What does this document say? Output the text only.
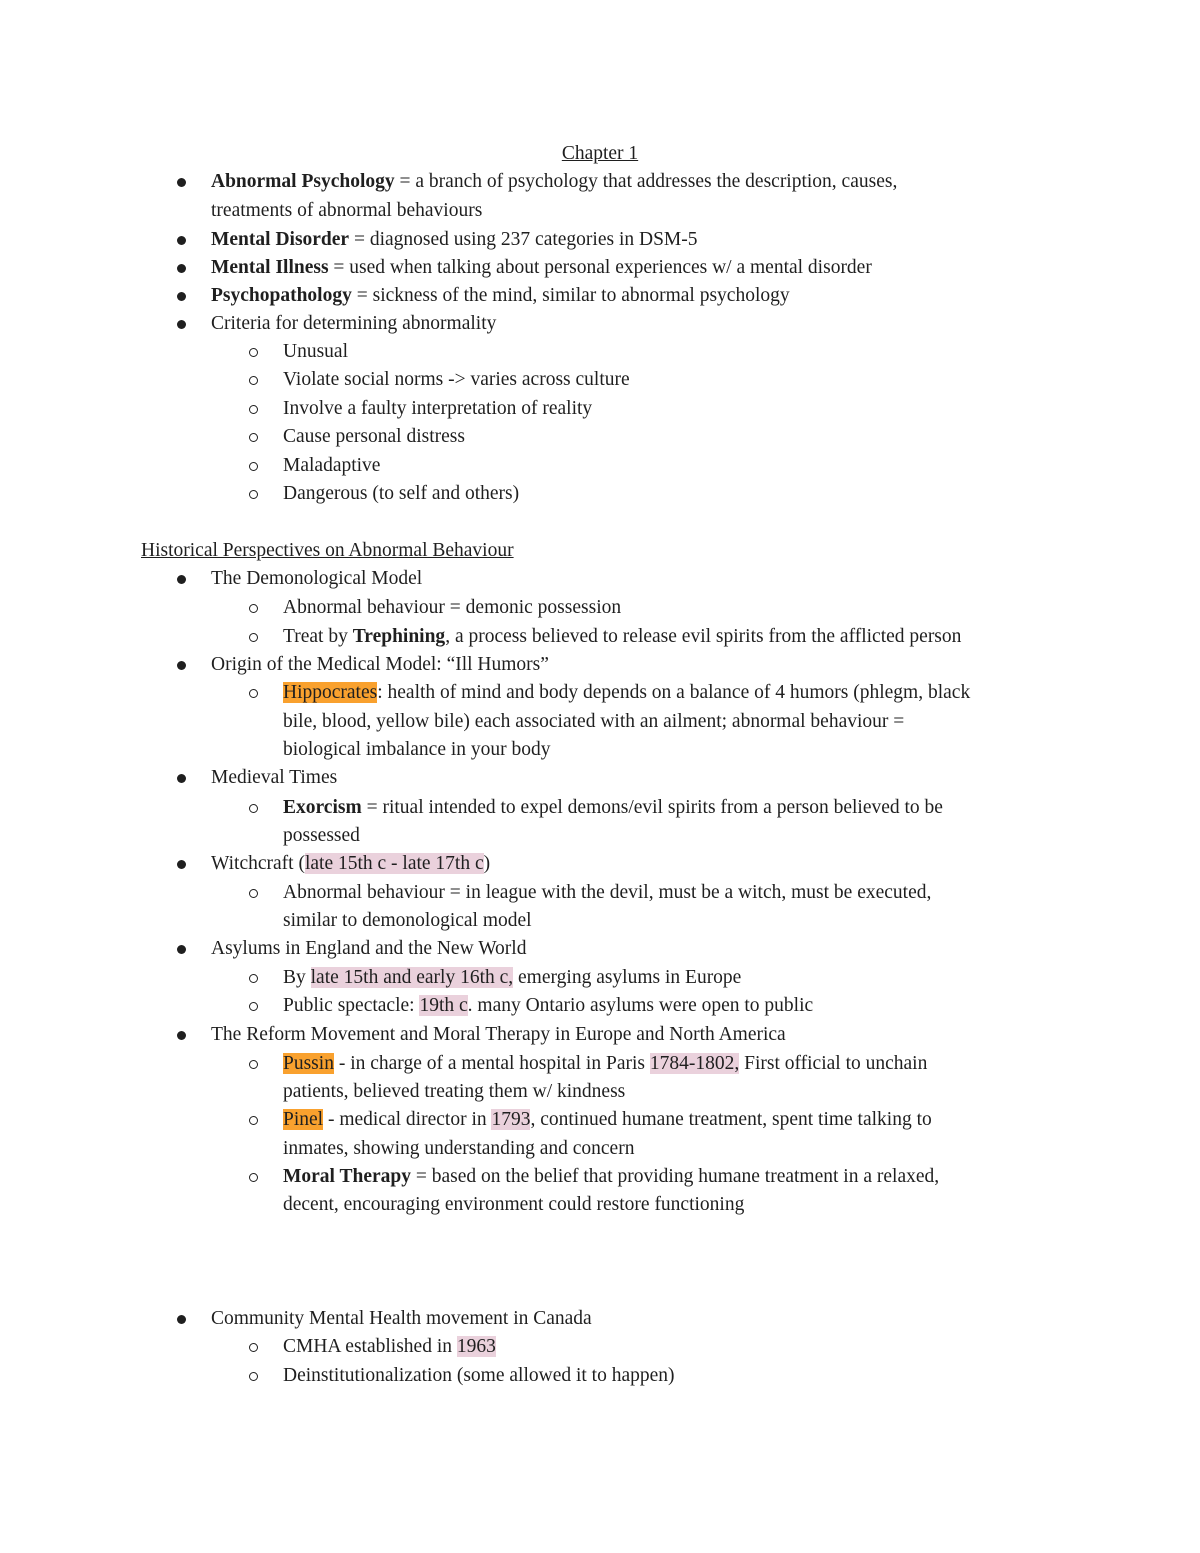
Chapter 1
Abnormal Psychology = a branch of psychology that addresses the description, causes,
treatments of abnormal behaviours
Mental Disorder = diagnosed using 237 categories in DSM-5
Mental Illness = used when talking about personal experiences w/ a mental disorder
Psychopathology = sickness of the mind, similar to abnormal psychology
Criteria for determining abnormality
Unusual
Violate social norms -> varies across culture
Involve a faulty interpretation of reality
Cause personal distress
Maladaptive
Dangerous (to self and others)
Historical Perspectives on Abnormal Behaviour
The Demonological Model
Abnormal behaviour = demonic possession
Treat by Trephining, a process believed to release evil spirits from the afflicted person
Origin of the Medical Model: “Ill Humors”
Hippocrates: health of mind and body depends on a balance of 4 humors (phlegm, black
bile, blood, yellow bile) each associated with an ailment; abnormal behaviour =
biological imbalance in your body
Medieval Times
Exorcism = ritual intended to expel demons/evil spirits from a person believed to be
possessed
Witchcraft (late 15th c - late 17th c)
Abnormal behaviour = in league with the devil, must be a witch, must be executed,
similar to demonological model
Asylums in England and the New World
By late 15th and early 16th c, emerging asylums in Europe
Public spectacle: 19th c. many Ontario asylums were open to public
The Reform Movement and Moral Therapy in Europe and North America
Pussin - in charge of a mental hospital in Paris 1784-1802, First official to unchain
patients, believed treating them w/ kindness
Pinel - medical director in 1793, continued humane treatment, spent time talking to
inmates, showing understanding and concern
Moral Therapy = based on the belief that providing humane treatment in a relaxed,
decent, encouraging environment could restore functioning
Community Mental Health movement in Canada
CMHA established in 1963
Deinstitutionalization (some allowed it to happen)
